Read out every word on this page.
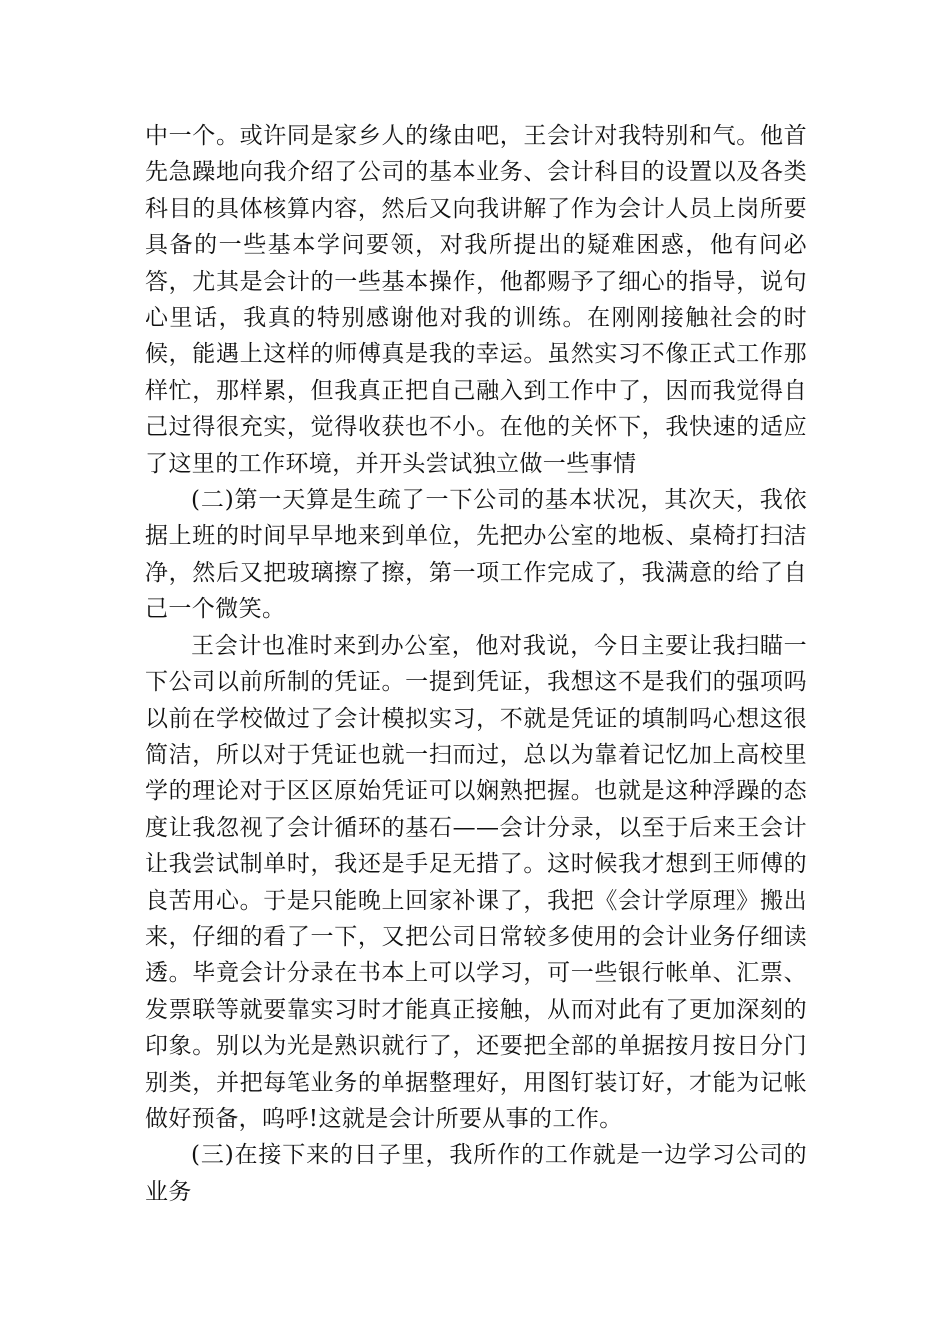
中一个。或许同是家乡人的缘由吧，王会计对我特别和气。他首先急躁地向我介绍了公司的基本业务、会计科目的设置以及各类科目的具体核算内容，然后又向我讲解了作为会计人员上岗所要具备的一些基本学问要领，对我所提出的疑难困惑，他有问必答，尤其是会计的一些基本操作，他都赐予了细心的指导，说句心里话，我真的特别感谢他对我的训练。在刚刚接触社会的时候，能遇上这样的师傅真是我的幸运。虽然实习不像正式工作那样忙，那样累，但我真正把自己融入到工作中了，因而我觉得自己过得很充实，觉得收获也不小。在他的关怀下，我快速的适应了这里的工作环境，并开头尝试独立做一些事情

(二)第一天算是生疏了一下公司的基本状况，其次天，我依据上班的时间早早地来到单位，先把办公室的地板、桌椅打扫洁净，然后又把玻璃擦了擦，第一项工作完成了，我满意的给了自己一个微笑。

王会计也准时来到办公室，他对我说，今日主要让我扫瞄一下公司以前所制的凭证。一提到凭证，我想这不是我们的强项吗以前在学校做过了会计模拟实习，不就是凭证的填制吗心想这很简洁，所以对于凭证也就一扫而过，总以为靠着记忆加上高校里学的理论对于区区原始凭证可以娴熟把握。也就是这种浮躁的态度让我忽视了会计循环的基石——会计分录，以至于后来王会计让我尝试制单时，我还是手足无措了。这时候我才想到王师傅的良苦用心。于是只能晚上回家补课了，我把《会计学原理》搬出来，仔细的看了一下，又把公司日常较多使用的会计业务仔细读透。毕竟会计分录在书本上可以学习，可一些银行帐单、汇票、发票联等就要靠实习时才能真正接触，从而对此有了更加深刻的印象。别以为光是熟识就行了，还要把全部的单据按月按日分门别类，并把每笔业务的单据整理好，用图钉装订好，才能为记帐做好预备，呜呼!这就是会计所要从事的工作。

(三)在接下来的日子里，我所作的工作就是一边学习公司的业务
